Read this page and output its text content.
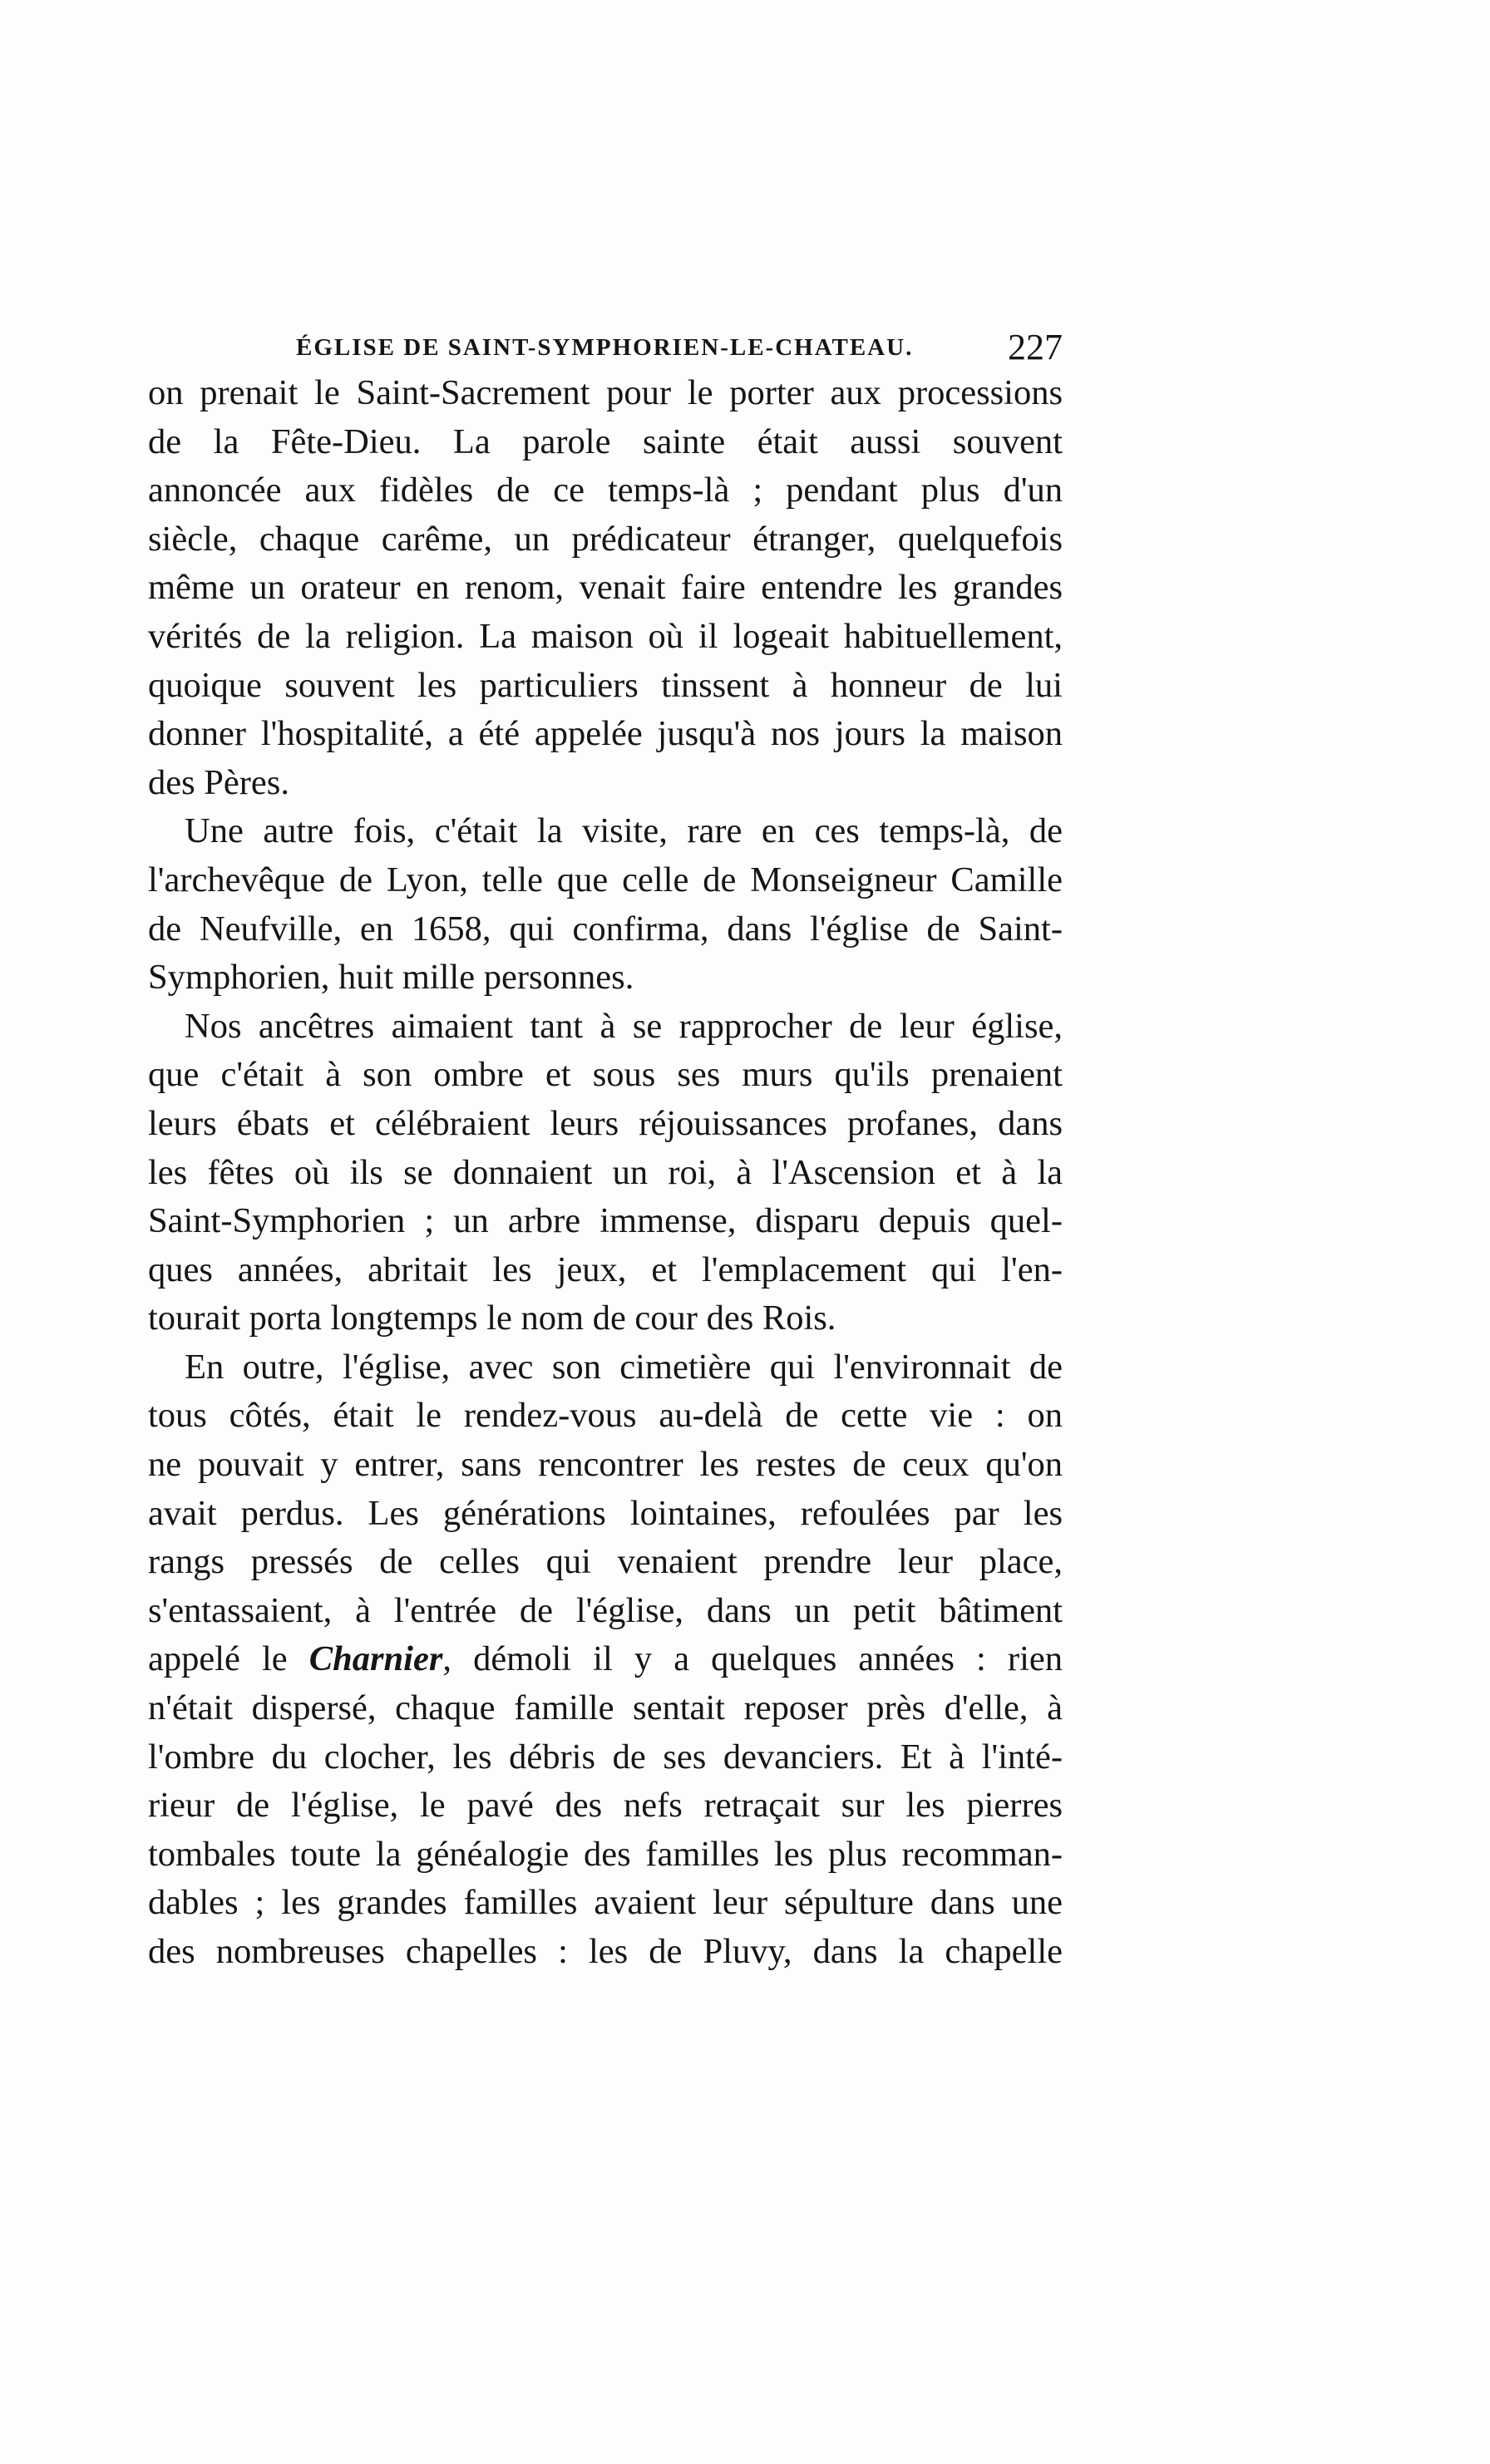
ÉGLISE DE SAINT-SYMPHORIEN-LE-CHATEAU.	227

on prenait le Saint-Sacrement pour le porter aux processions
de la Fête-Dieu. La parole sainte était aussi souvent
annoncée aux fidèles de ce temps-là ; pendant plus d'un
siècle, chaque carême, un prédicateur étranger, quelquefois
même un orateur en renom, venait faire entendre les grandes
vérités de la religion. La maison où il logeait habituellement,
quoique souvent les particuliers tinssent à honneur de lui
donner l'hospitalité, a été appelée jusqu'à nos jours la maison
des Pères.

Une autre fois, c'était la visite, rare en ces temps-là, de
l'archevêque de Lyon, telle que celle de Monseigneur Camille
de Neufville, en 1658, qui confirma, dans l'église de Saint-
Symphorien, huit mille personnes.

Nos ancêtres aimaient tant à se rapprocher de leur église,
que c'était à son ombre et sous ses murs qu'ils prenaient
leurs ébats et célébraient leurs réjouissances profanes, dans
les fêtes où ils se donnaient un roi, à l'Ascension et à la
Saint-Symphorien ; un arbre immense, disparu depuis quel-
ques années, abritait les jeux, et l'emplacement qui l'en-
tourait porta longtemps le nom de cour des Rois.

En outre, l'église, avec son cimetière qui l'environnait de
tous côtés, était le rendez-vous au-delà de cette vie : on
ne pouvait y entrer, sans rencontrer les restes de ceux qu'on
avait perdus. Les générations lointaines, refoulées par les
rangs pressés de celles qui venaient prendre leur place,
s'entassaient, à l'entrée de l'église, dans un petit bâtiment
appelé le Charnier, démoli il y a quelques années : rien
n'était dispersé, chaque famille sentait reposer près d'elle, à
l'ombre du clocher, les débris de ses devanciers. Et à l'inté-
rieur de l'église, le pavé des nefs retraçait sur les pierres
tombales toute la généalogie des familles les plus recomman-
dables ; les grandes familles avaient leur sépulture dans une
des nombreuses chapelles : les de Pluvy, dans la chapelle
